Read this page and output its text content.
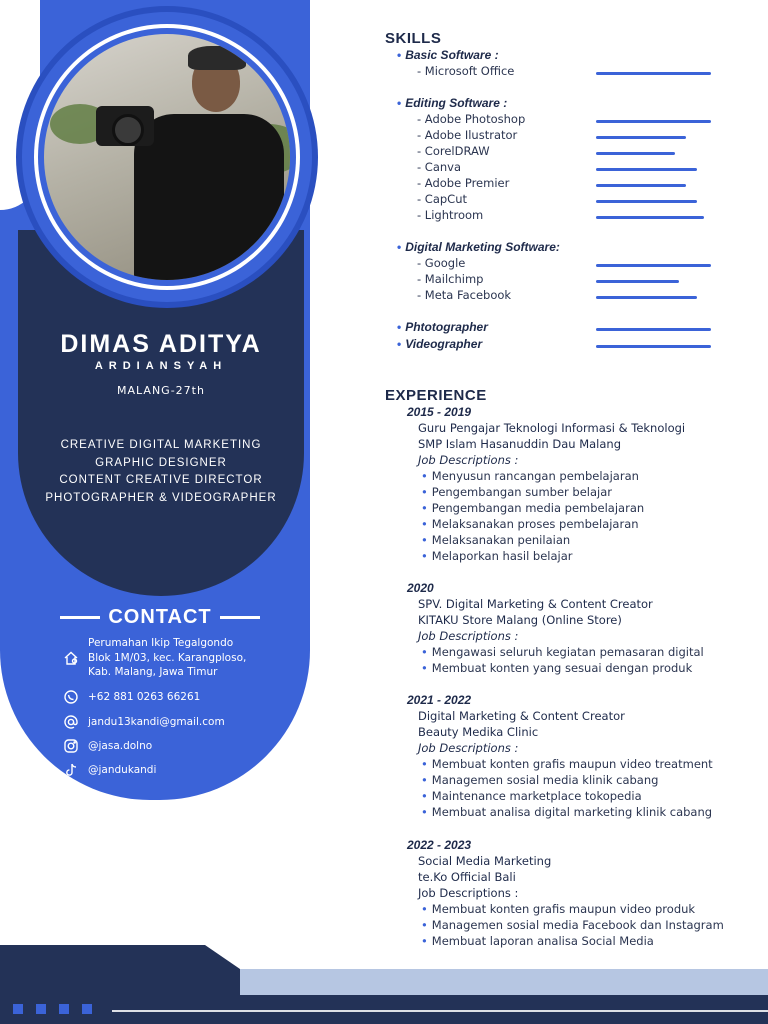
DIMAS ADITYA
ARDIANSYAH
MALANG-27th
CREATIVE DIGITAL MARKETING
GRAPHIC DESIGNER
CONTENT CREATIVE DIRECTOR
PHOTOGRAPHER & VIDEOGRAPHER
CONTACT
Perumahan Ikip Tegalgondo
Blok 1M/03, kec. Karangploso,
Kab. Malang, Jawa Timur
+62 881 0263 66261
jandu13kandi@gmail.com
@jasa.dolno
@jandukandi
SKILLS
• Basic Software :
- Microsoft Office
• Editing Software :
- Adobe Photoshop
- Adobe Ilustrator
- CorelDRAW
- Canva
- Adobe Premier
- CapCut
- Lightroom
• Digital Marketing Software:
- Google
- Mailchimp
- Meta Facebook
• Phtotographer
• Videographer
EXPERIENCE
2015 - 2019
Guru Pengajar Teknologi Informasi & Teknologi
SMP Islam Hasanuddin Dau Malang
Job Descriptions :
• Menyusun rancangan pembelajaran
• Pengembangan sumber belajar
• Pengembangan media pembelajaran
• Melaksanakan proses pembelajaran
• Melaksanakan penilaian
• Melaporkan hasil belajar
2020
SPV. Digital Marketing & Content Creator
KITAKU Store Malang (Online Store)
Job Descriptions :
• Mengawasi seluruh kegiatan pemasaran digital
• Membuat konten yang sesuai dengan produk
2021 - 2022
Digital Marketing & Content Creator
Beauty Medika Clinic
Job Descriptions :
• Membuat konten grafis maupun video treatment
• Managemen sosial media klinik cabang
• Maintenance marketplace tokopedia
• Membuat analisa digital marketing klinik cabang
2022 - 2023
Social Media Marketing
te.Ko Official Bali
Job Descriptions :
• Membuat konten grafis maupun video produk
• Managemen sosial media Facebook dan Instagram
• Membuat laporan analisa Social Media
